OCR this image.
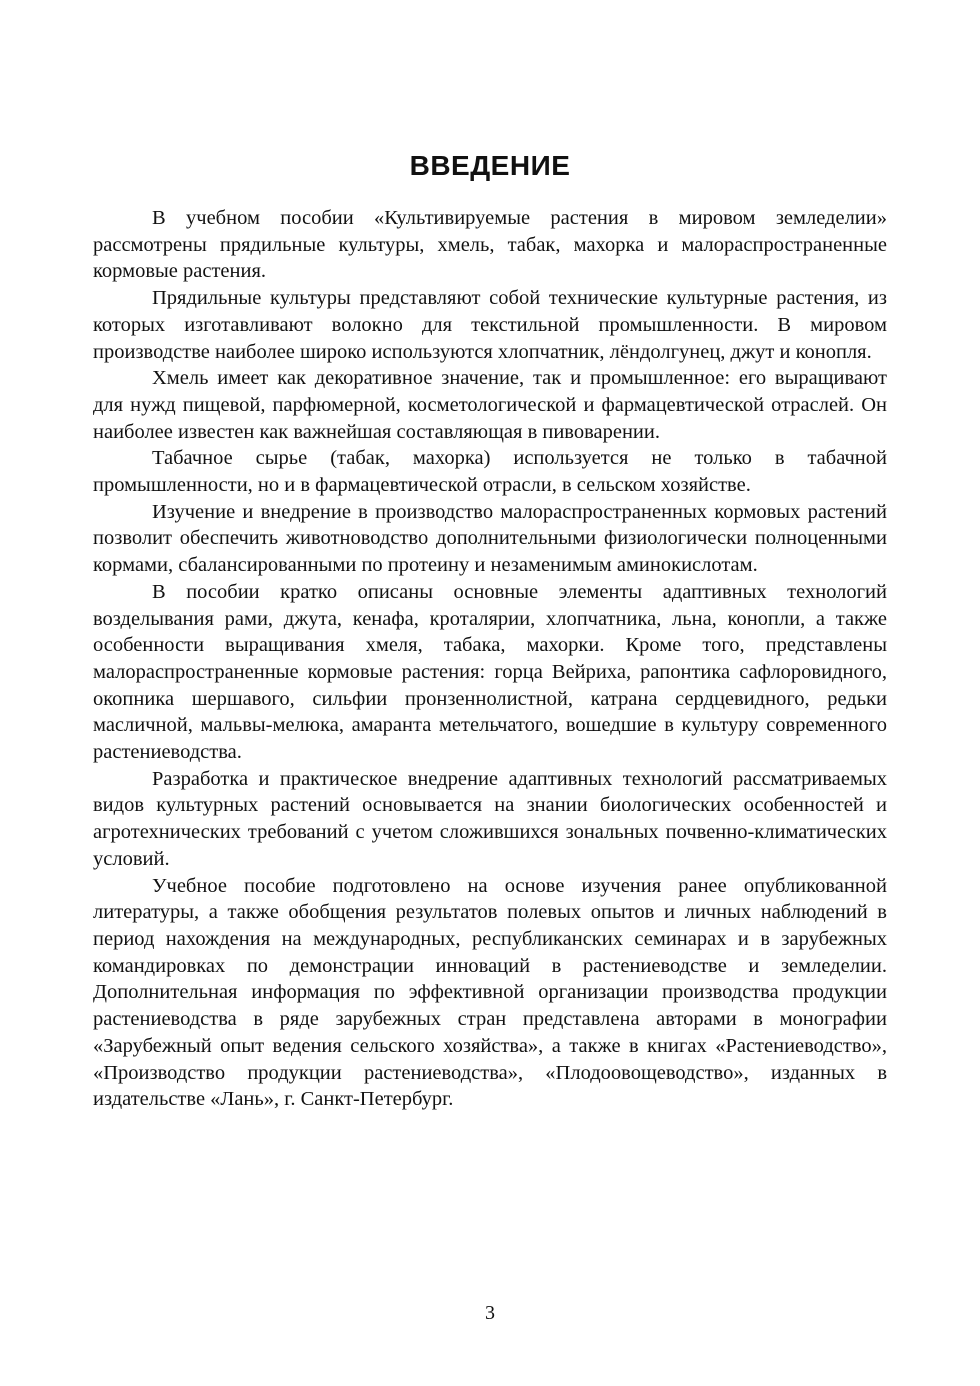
ВВЕДЕНИЕ

В учебном пособии «Культивируемые растения в мировом земледелии» рассмотрены прядильные культуры, хмель, табак, махорка и малораспространенные кормовые растения.

Прядильные культуры представляют собой технические культурные растения, из которых изготавливают волокно для текстильной промышленности. В мировом производстве наиболее широко используются хлопчатник, лёндолгунец, джут и конопля.

Хмель имеет как декоративное значение, так и промышленное: его выращивают для нужд пищевой, парфюмерной, косметологической и фармацевтической отраслей. Он наиболее известен как важнейшая составляющая в пивоварении.

Табачное сырье (табак, махорка) используется не только в табачной промышленности, но и в фармацевтической отрасли, в сельском хозяйстве.

Изучение и внедрение в производство малораспространенных кормовых растений позволит обеспечить животноводство дополнительными физиологически полноценными кормами, сбалансированными по протеину и незаменимым аминокислотам.

В пособии кратко описаны основные элементы адаптивных технологий возделывания рами, джута, кенафа, кроталярии, хлопчатника, льна, конопли, а также особенности выращивания хмеля, табака, махорки. Кроме того, представлены малораспространенные кормовые растения: горца Вейриха, рапонтика сафлоровидного, окопника шершавого, сильфии пронзеннолистной, катрана сердцевидного, редьки масличной, мальвы-мелюка, амаранта метельчатого, вошедшие в культуру современного растениеводства.

Разработка и практическое внедрение адаптивных технологий рассматриваемых видов культурных растений основывается на знании биологических особенностей и агротехнических требований с учетом сложившихся зональных почвенно-климатических условий.

Учебное пособие подготовлено на основе изучения ранее опубликованной литературы, а также обобщения результатов полевых опытов и личных наблюдений в период нахождения на международных, республиканских семинарах и в зарубежных командировках по демонстрации инноваций в растениеводстве и земледелии. Дополнительная информация по эффективной организации производства продукции растениеводства в ряде зарубежных стран представлена авторами в монографии «Зарубежный опыт ведения сельского хозяйства», а также в книгах «Растениеводство», «Производство продукции растениеводства», «Плодоовощеводство», изданных в издательстве «Лань», г. Санкт-Петербург.

3
